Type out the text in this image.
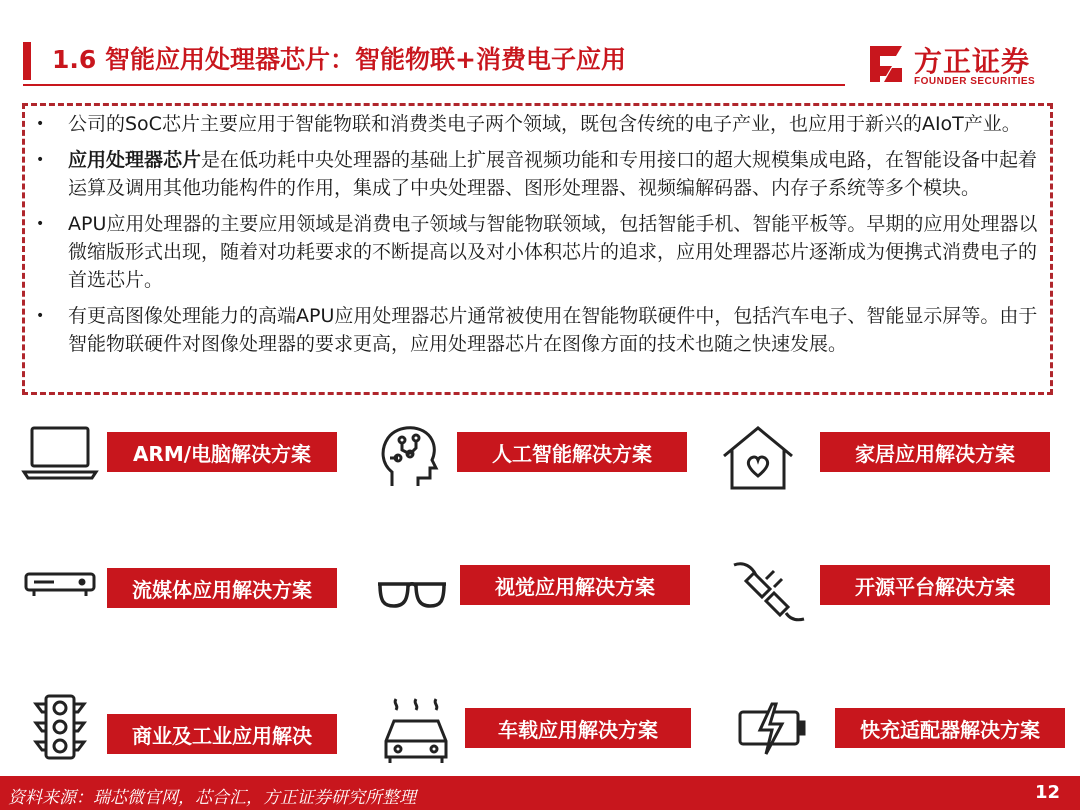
1.6 智能应用处理器芯片：智能物联+消费电子应用	方正证券
FOUNDER SECURITIES
• 公司的SoC芯片主要应用于智能物联和消费类电子两个领域，既包含传统的电子产业，也应用于新兴的AIoT产业。
• 应用处理器芯片是在低功耗中央处理器的基础上扩展音视频功能和专用接口的超大规模集成电路，在智能设备中起着运算及调用其他功能构件的作用，集成了中央处理器、图形处理器、视频编解码器、内存子系统等多个模块。
• APU应用处理器的主要应用领域是消费电子领域与智能物联领域，包括智能手机、智能平板等。早期的应用处理器以微缩版形式出现，随着对功耗要求的不断提高以及对小体积芯片的追求，应用处理器芯片逐渐成为便携式消费电子的首选芯片。
• 有更高图像处理能力的高端APU应用处理器芯片通常被使用在智能物联硬件中，包括汽车电子、智能显示屏等。由于智能物联硬件对图像处理器的要求更高，应用处理器芯片在图像方面的技术也随之快速发展。
ARM/电脑解决方案	人工智能解决方案	家居应用解决方案
流媒体应用解决方案	视觉应用解决方案	开源平台解决方案
商业及工业应用解决	车载应用解决方案	快充适配器解决方案
资料来源：瑞芯微官网，芯合汇，方正证券研究所整理	12
